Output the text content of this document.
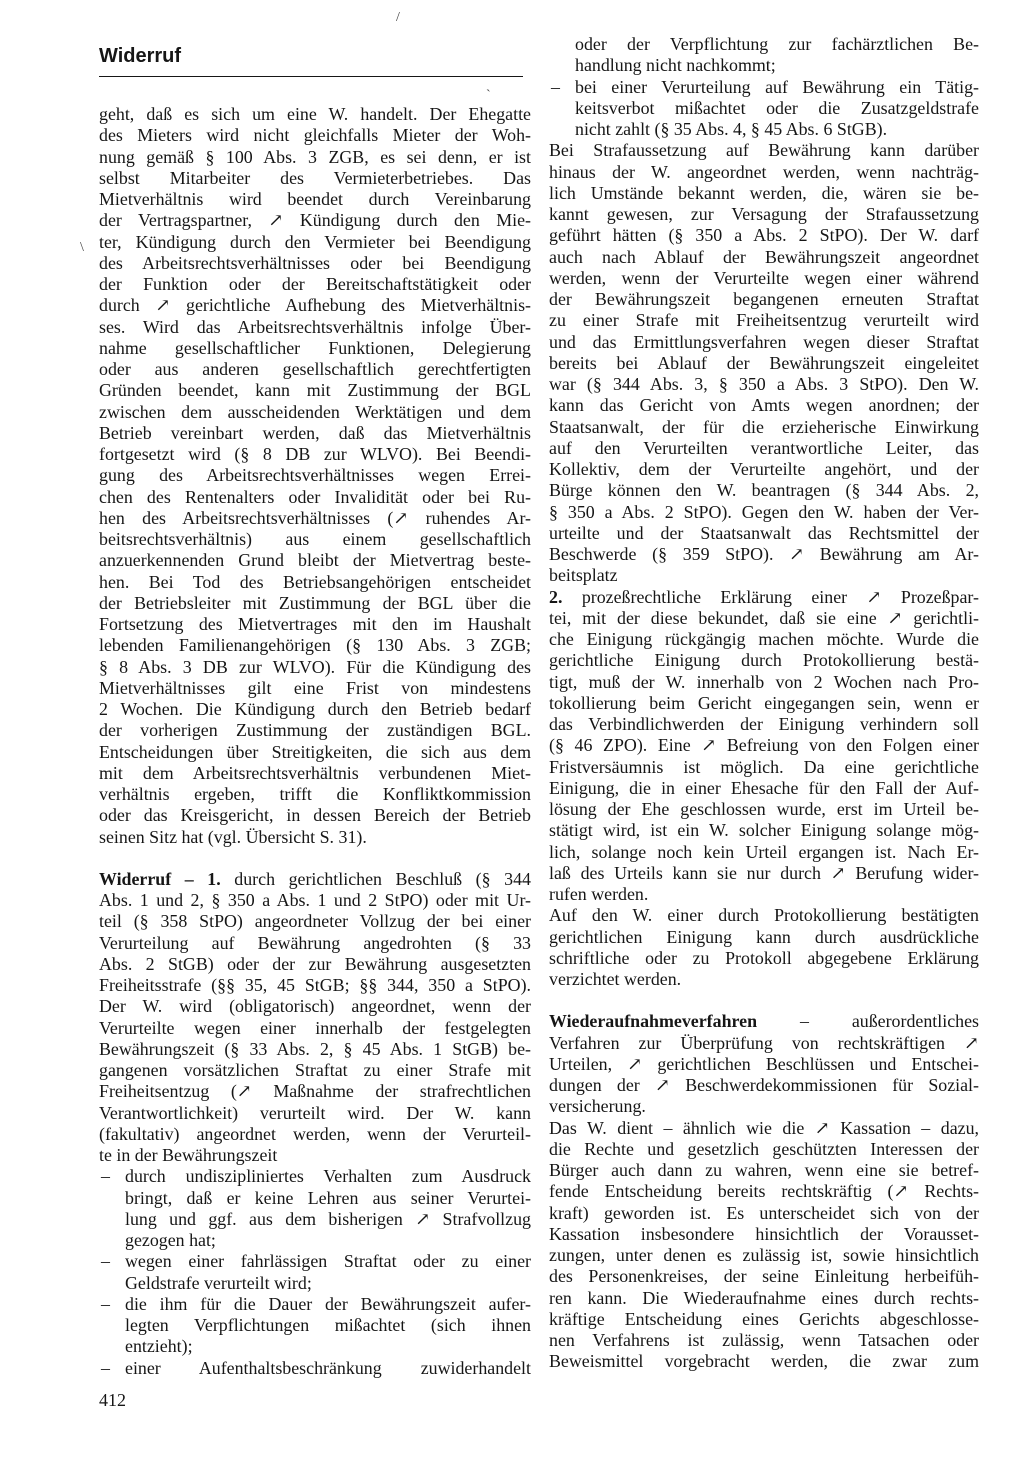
Widerruf
/
ˋ
\
geht, daß es sich um eine W. handelt. Der Ehegatte
des Mieters wird nicht gleichfalls Mieter der Woh-
nung gemäß § 100 Abs. 3 ZGB, es sei denn, er ist
selbst Mitarbeiter des Vermieterbetriebes. Das
Mietverhältnis wird beendet durch Vereinbarung
der Vertragspartner, ↗ Kündigung durch den Mie-
ter, Kündigung durch den Vermieter bei Beendigung
des Arbeitsrechtsverhältnisses oder bei Beendigung
der Funktion oder der Bereitschaftstätigkeit oder
durch ↗ gerichtliche Aufhebung des Mietverhältnis-
ses. Wird das Arbeitsrechtsverhältnis infolge Über-
nahme gesellschaftlicher Funktionen, Delegierung
oder aus anderen gesellschaftlich gerechtfertigten
Gründen beendet, kann mit Zustimmung der BGL
zwischen dem ausscheidenden Werktätigen und dem
Betrieb vereinbart werden, daß das Mietverhältnis
fortgesetzt wird (§ 8 DB zur WLVO). Bei Beendi-
gung des Arbeitsrechtsverhältnisses wegen Errei-
chen des Rentenalters oder Invalidität oder bei Ru-
hen des Arbeitsrechtsverhältnisses (↗ ruhendes Ar-
beitsrechtsverhältnis) aus einem gesellschaftlich
anzuerkennenden Grund bleibt der Mietvertrag beste-
hen. Bei Tod des Betriebsangehörigen entscheidet
der Betriebsleiter mit Zustimmung der BGL über die
Fortsetzung des Mietvertrages mit den im Haushalt
lebenden Familienangehörigen (§ 130 Abs. 3 ZGB;
§ 8 Abs. 3 DB zur WLVO). Für die Kündigung des
Mietverhältnisses gilt eine Frist von mindestens
2 Wochen. Die Kündigung durch den Betrieb bedarf
der vorherigen Zustimmung der zuständigen BGL.
Entscheidungen über Streitigkeiten, die sich aus dem
mit dem Arbeitsrechtsverhältnis verbundenen Miet-
verhältnis ergeben, trifft die Konfliktkommission
oder das Kreisgericht, in dessen Bereich der Betrieb
seinen Sitz hat (vgl. Übersicht S. 31).
Widerruf – 1. durch gerichtlichen Beschluß (§ 344
Abs. 1 und 2, § 350 a Abs. 1 und 2 StPO) oder mit Ur-
teil (§ 358 StPO) angeordneter Vollzug der bei einer
Verurteilung auf Bewährung angedrohten (§ 33
Abs. 2 StGB) oder der zur Bewährung ausgesetzten
Freiheitsstrafe (§§ 35, 45 StGB; §§ 344, 350 a StPO).
Der W. wird (obligatorisch) angeordnet, wenn der
Verurteilte wegen einer innerhalb der festgelegten
Bewährungszeit (§ 33 Abs. 2, § 45 Abs. 1 StGB) be-
gangenen vorsätzlichen Straftat zu einer Strafe mit
Freiheitsentzug (↗ Maßnahme der strafrechtlichen
Verantwortlichkeit) verurteilt wird. Der W. kann
(fakultativ) angeordnet werden, wenn der Verurteil-
te in der Bewährungszeit
– durch undiszipliniertes Verhalten zum Ausdruck
bringt, daß er keine Lehren aus seiner Verurtei-
lung und ggf. aus dem bisherigen ↗ Strafvollzug
gezogen hat;
– wegen einer fahrlässigen Straftat oder zu einer
Geldstrafe verurteilt wird;
– die ihm für die Dauer der Bewährungszeit aufer-
legten Verpflichtungen mißachtet (sich ihnen
entzieht);
– einer Aufenthaltsbeschränkung zuwiderhandelt
oder der Verpflichtung zur fachärztlichen Be-
handlung nicht nachkommt;
– bei einer Verurteilung auf Bewährung ein Tätig-
keitsverbot mißachtet oder die Zusatzgeldstrafe
nicht zahlt (§ 35 Abs. 4, § 45 Abs. 6 StGB).
Bei Strafaussetzung auf Bewährung kann darüber
hinaus der W. angeordnet werden, wenn nachträg-
lich Umstände bekannt werden, die, wären sie be-
kannt gewesen, zur Versagung der Strafaussetzung
geführt hätten (§ 350 a Abs. 2 StPO). Der W. darf
auch nach Ablauf der Bewährungszeit angeordnet
werden, wenn der Verurteilte wegen einer während
der Bewährungszeit begangenen erneuten Straftat
zu einer Strafe mit Freiheitsentzug verurteilt wird
und das Ermittlungsverfahren wegen dieser Straftat
bereits bei Ablauf der Bewährungszeit eingeleitet
war (§ 344 Abs. 3, § 350 a Abs. 3 StPO). Den W.
kann das Gericht von Amts wegen anordnen; der
Staatsanwalt, der für die erzieherische Einwirkung
auf den Verurteilten verantwortliche Leiter, das
Kollektiv, dem der Verurteilte angehört, und der
Bürge können den W. beantragen (§ 344 Abs. 2,
§ 350 a Abs. 2 StPO). Gegen den W. haben der Ver-
urteilte und der Staatsanwalt das Rechtsmittel der
Beschwerde (§ 359 StPO). ↗ Bewährung am Ar-
beitsplatz
2. prozeßrechtliche Erklärung einer ↗ Prozeßpar-
tei, mit der diese bekundet, daß sie eine ↗ gerichtli-
che Einigung rückgängig machen möchte. Wurde die
gerichtliche Einigung durch Protokollierung bestä-
tigt, muß der W. innerhalb von 2 Wochen nach Pro-
tokollierung beim Gericht eingegangen sein, wenn er
das Verbindlichwerden der Einigung verhindern soll
(§ 46 ZPO). Eine ↗ Befreiung von den Folgen einer
Fristversäumnis ist möglich. Da eine gerichtliche
Einigung, die in einer Ehesache für den Fall der Auf-
lösung der Ehe geschlossen wurde, erst im Urteil be-
stätigt wird, ist ein W. solcher Einigung solange mög-
lich, solange noch kein Urteil ergangen ist. Nach Er-
laß des Urteils kann sie nur durch ↗ Berufung wider-
rufen werden.
Auf den W. einer durch Protokollierung bestätigten
gerichtlichen Einigung kann durch ausdrückliche
schriftliche oder zu Protokoll abgegebene Erklärung
verzichtet werden.
Wiederaufnahmeverfahren – außerordentliches
Verfahren zur Überprüfung von rechtskräftigen ↗
Urteilen, ↗ gerichtlichen Beschlüssen und Entschei-
dungen der ↗ Beschwerdekommissionen für Sozial-
versicherung.
Das W. dient – ähnlich wie die ↗ Kassation – dazu,
die Rechte und gesetzlich geschützten Interessen der
Bürger auch dann zu wahren, wenn eine sie betref-
fende Entscheidung bereits rechtskräftig (↗ Rechts-
kraft) geworden ist. Es unterscheidet sich von der
Kassation insbesondere hinsichtlich der Vorausset-
zungen, unter denen es zulässig ist, sowie hinsichtlich
des Personenkreises, der seine Einleitung herbeifüh-
ren kann. Die Wiederaufnahme eines durch rechts-
kräftige Entscheidung eines Gerichts abgeschlosse-
nen Verfahrens ist zulässig, wenn Tatsachen oder
Beweismittel vorgebracht werden, die zwar zum
412
